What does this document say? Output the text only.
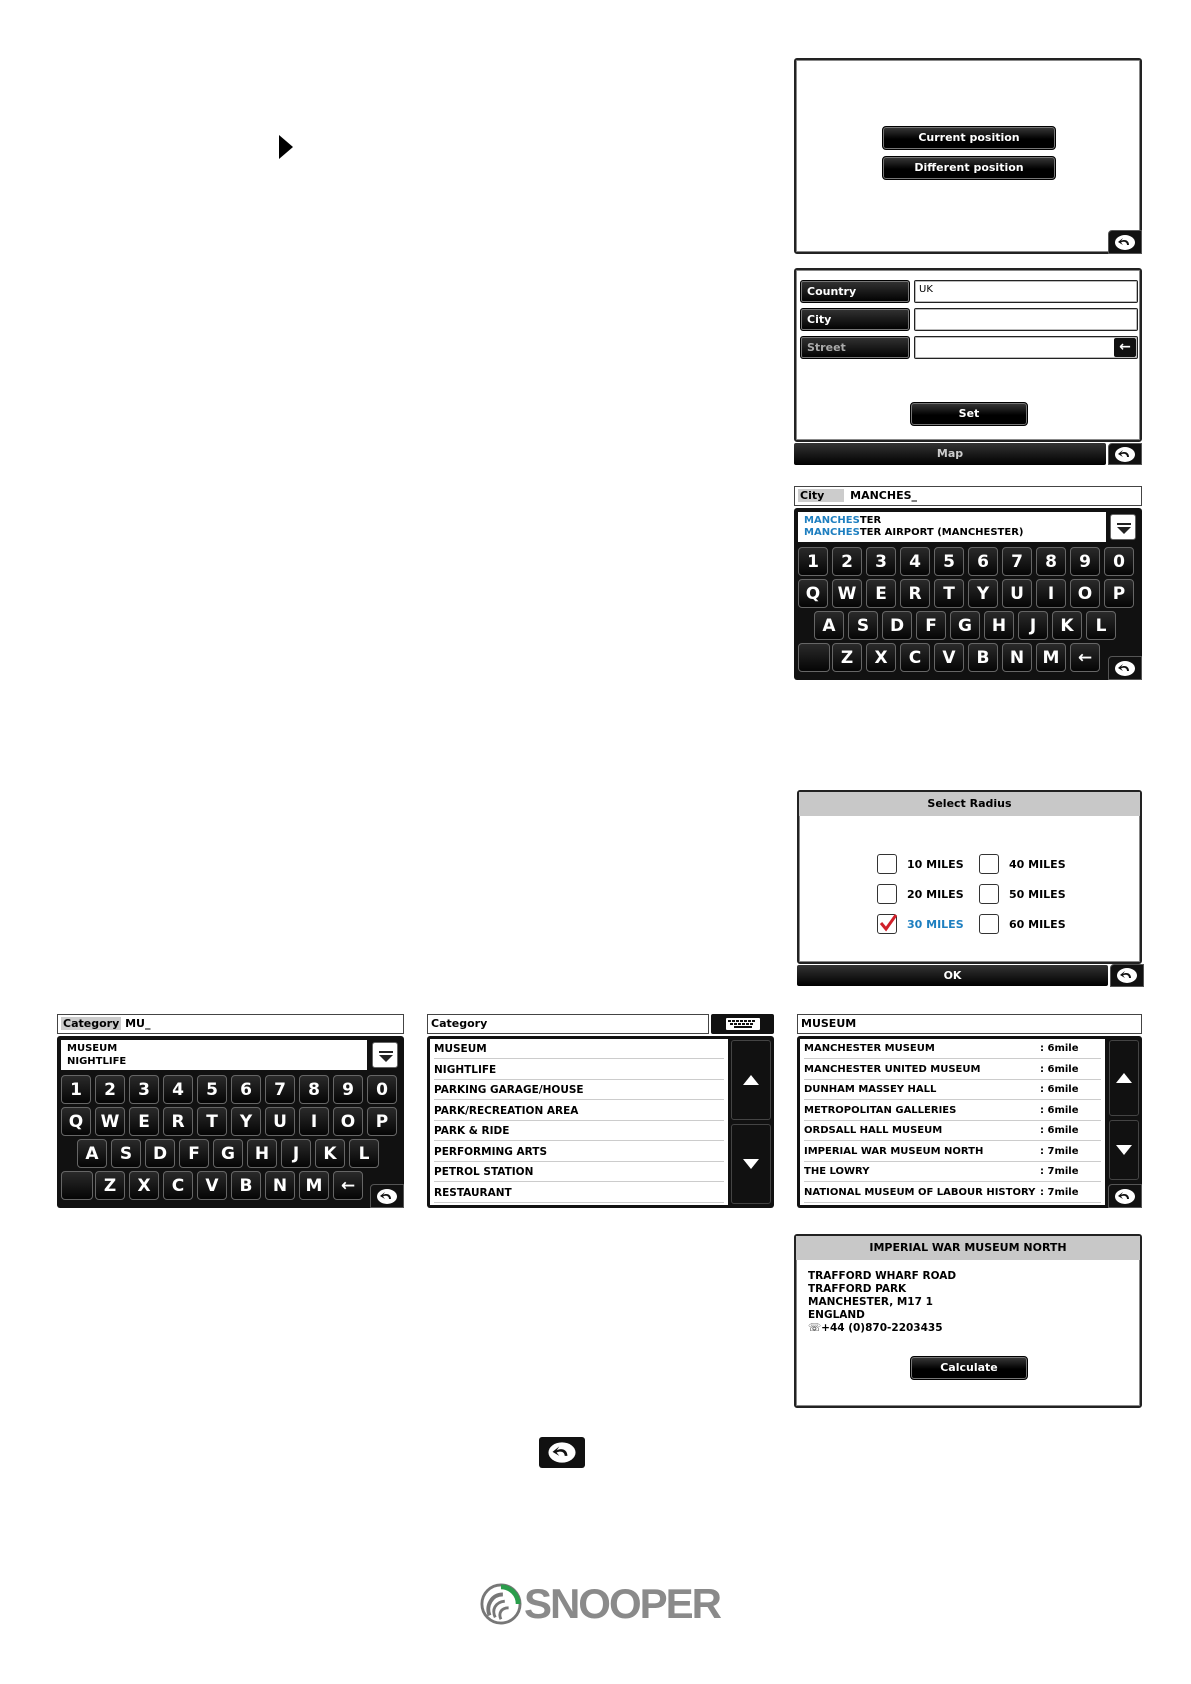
Current position
Different position
Country	UK
City
Street	←
Set
Map
City MANCHES_
MANCHESTER
MANCHESTER AIRPORT (MANCHESTER)
1	2	3	4	5	6	7	8	9	0
Q	W	E	R	T	Y	U	I	O	P
A	S	D	F	G	H	J	K	L
Z	X	C	V	B	N	M	←
Select Radius
10 MILES
20 MILES
30 MILES
40 MILES
50 MILES
60 MILES
OK
Category MU_
MUSEUM
NIGHTLIFE
1	2	3	4	5	6	7	8	9	0
Q	W	E	R	T	Y	U	I	O	P
A	S	D	F	G	H	J	K	L
Z	X	C	V	B	N	M	←
Category
MUSEUM
NIGHTLIFE
PARKING GARAGE/HOUSE
PARK/RECREATION AREA
PARK & RIDE
PERFORMING ARTS
PETROL STATION
RESTAURANT
MUSEUM
MANCHESTER MUSEUM	: 6mile
MANCHESTER UNITED MUSEUM	: 6mile
DUNHAM MASSEY HALL	: 6mile
METROPOLITAN GALLERIES	: 6mile
ORDSALL HALL MUSEUM	: 6mile
IMPERIAL WAR MUSEUM NORTH	: 7mile
THE LOWRY	: 7mile
NATIONAL MUSEUM OF LABOUR HISTORY : 7mile
IMPERIAL WAR MUSEUM NORTH
TRAFFORD WHARF ROAD
TRAFFORD PARK
MANCHESTER, M17 1
ENGLAND
☏+44 (0)870-2203435
Calculate
SNOOPER
